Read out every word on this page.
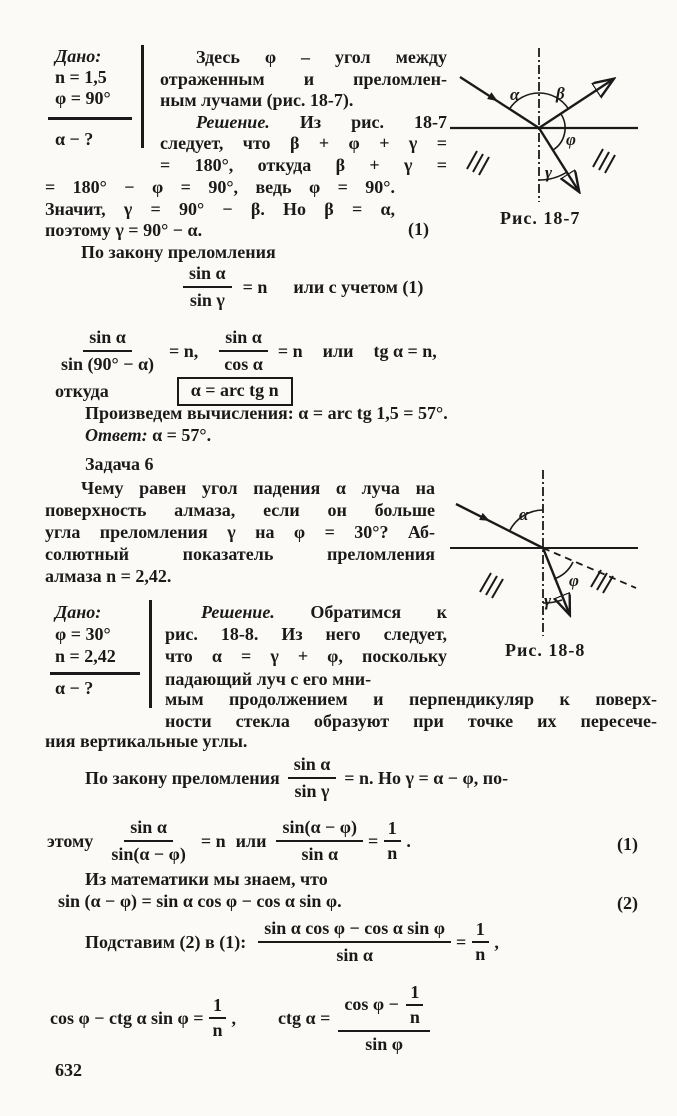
Дано:
n = 1,5
φ = 90°
α − ?
Здесь φ – угол между
отраженным и преломлен-
ным лучами (рис. 18-7).
Решение. Из рис. 18-7
следует, что β + φ + γ =
= 180°, откуда β + γ =
= 180° − φ = 90°, ведь φ = 90°.
Значит, γ = 90° − β. Но β = α,
поэтому γ = 90° − α.
По закону преломления
(1)
$\frac{\text{sin α}}{\text{sin γ}} = n$ или с учетом (1)
$\frac{\text{sin α}}{\sin (90^\circ - \alpha)} = n$, $\frac{\text{sin α}}{\text{cos α}} = n$ или tg α = n,
откуда	α = arc tg n
Произведем вычисления: α = arc tg 1,5 = 57°.
Ответ: α = 57°.
α β
φ
γ
Рис. 18-7
Задача 6
Чему равен угол падения α луча на
поверхность алмаза, если он больше
угла преломления γ на φ = 30°? Аб-
солютный показатель преломления
алмаза n = 2,42.
α
φ
γ
Рис. 18-8
Дано:
φ = 30°
n = 2,42
α − ?
Решение. Обратимся к
рис. 18-8. Из него следует,
что α = γ + φ, поскольку
падающий луч с его мни-
мым продолжением и перпендикуляр к поверх-
ности стекла образуют при точке их пересече-
ния вертикальные углы.
По закону преломления $\frac{\text{sin α}}{\text{sin γ}} = n$. Но γ = α − φ, по-
этому $\frac{\text{sin α}}{\sin(\alpha - \varphi)} = n$ или $\frac{\sin(\alpha - \varphi)}{\text{sin α}} = \frac{1}{n}$ .	(1)
Из математики мы знаем, что
sin (α − φ) = sin α cos φ − cos α sin φ.	(2)
Подставим (2) в (1): $\frac{\text{sin α cos φ − cos α sin φ}}{\text{sin α}} = \frac{1}{n}$ ,
cos φ − ctg α $\sin \varphi = \frac{1}{n}$ , ctg $\alpha = \frac{\cos \varphi - \frac{1}{n}}{\text{sin φ}}$
632
